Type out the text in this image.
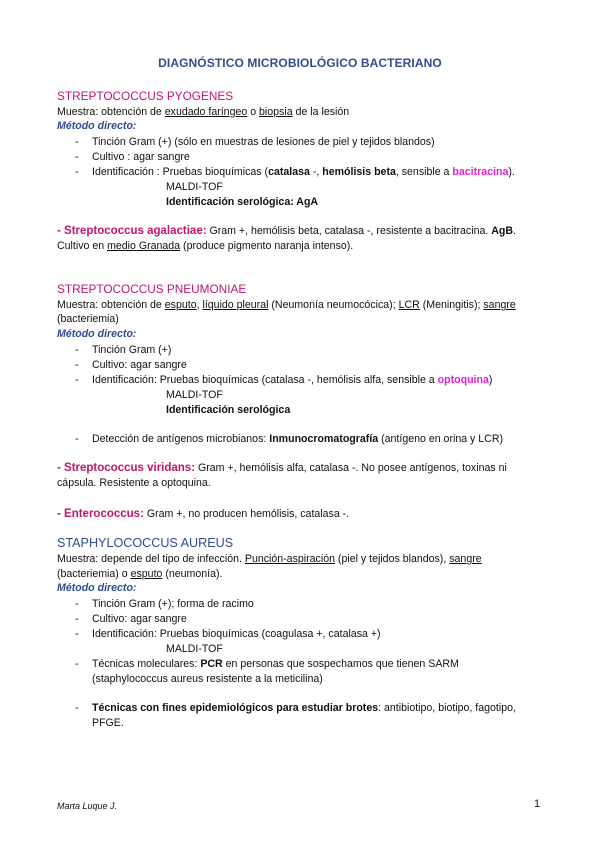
DIAGNÓSTICO MICROBIOLÓGICO BACTERIANO
STREPTOCOCCUS PYOGENES
Muestra: obtención de exudado faríngeo o biopsia de la lesión
Método directo:
- Tinción Gram (+) (sólo en muestras de lesiones de piel y tejidos blandos)
- Cultivo : agar sangre
- Identificación : Pruebas bioquímicas (catalasa -, hemólisis beta, sensible a bacitracina).
MALDI-TOF
Identificación serológica: AgA
- Streptococcus agalactiae: Gram +, hemólisis beta, catalasa -, resistente a bacitracina. AgB.
Cultivo en medio Granada (produce pigmento naranja intenso).
STREPTOCOCCUS PNEUMONIAE
Muestra: obtención de esputo, líquido pleural (Neumonía neumocócica); LCR (Meningitis); sangre
(bacteriemia)
Método directo:
- Tinción Gram (+)
- Cultivo: agar sangre
- Identificación: Pruebas bioquímicas (catalasa -, hemólisis alfa, sensible a optoquina)
MALDI-TOF
Identificación serológica
- Detección de antígenos microbianos: Inmunocromatografía (antígeno en orina y LCR)
- Streptococcus viridans: Gram +, hemólisis alfa, catalasa -. No posee antígenos, toxinas ni
cápsula. Resistente a optoquina.
- Enterococcus: Gram +, no producen hemólisis, catalasa -.
STAPHYLOCOCCUS AUREUS
Muestra: depende del tipo de infección. Punción-aspiración (piel y tejidos blandos), sangre
(bacteriemia) o esputo (neumonía).
Método directo:
- Tinción Gram (+); forma de racimo
- Cultivo: agar sangre
- Identificación: Pruebas bioquímicas (coagulasa +, catalasa +)
MALDI-TOF
- Técnicas moleculares: PCR en personas que sospechamos que tienen SARM
(staphylococcus aureus resistente a la meticilina)
- Técnicas con fines epidemiológicos para estudiar brotes: antibiotipo, biotipo, fagotipo,
PFGE.
Marta Luque J.	1
